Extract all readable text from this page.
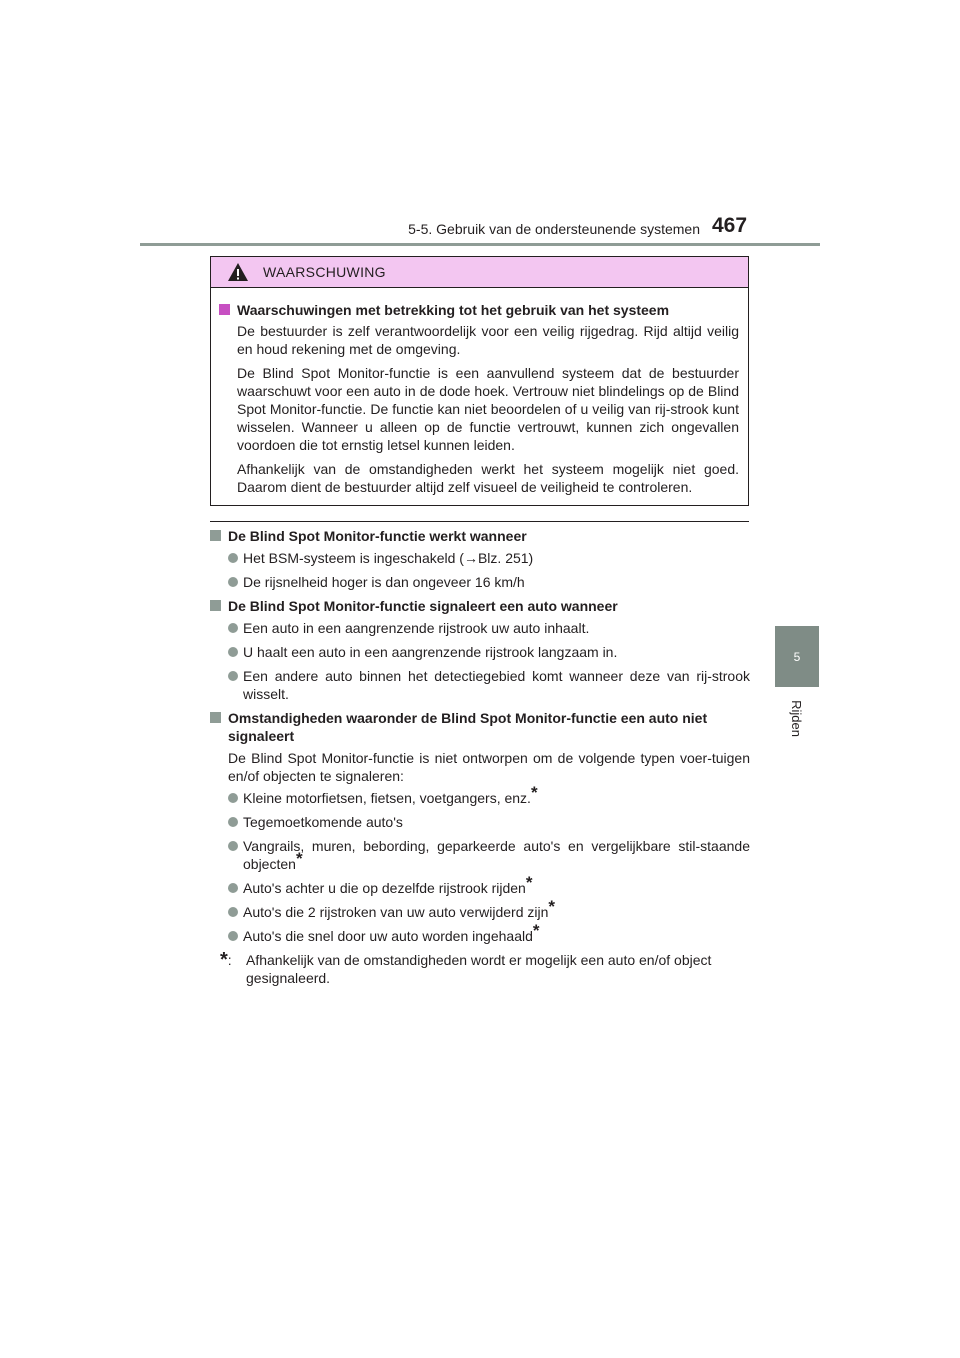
5-5. Gebruik van de ondersteunende systemen 467
5
Rijden
WAARSCHUWING
Waarschuwingen met betrekking tot het gebruik van het systeem

De bestuurder is zelf verantwoordelijk voor een veilig rijgedrag. Rijd altijd veilig en houd rekening met de omgeving.

De Blind Spot Monitor-functie is een aanvullend systeem dat de bestuurder waarschuwt voor een auto in de dode hoek. Vertrouw niet blindelings op de Blind Spot Monitor-functie. De functie kan niet beoordelen of u veilig van rij-strook kunt wisselen. Wanneer u alleen op de functie vertrouwt, kunnen zich ongevallen voordoen die tot ernstig letsel kunnen leiden.

Afhankelijk van de omstandigheden werkt het systeem mogelijk niet goed. Daarom dient de bestuurder altijd zelf visueel de veiligheid te controleren.

De Blind Spot Monitor-functie werkt wanneer
Het BSM-systeem is ingeschakeld (→Blz. 251)
De rijsnelheid hoger is dan ongeveer 16 km/h
De Blind Spot Monitor-functie signaleert een auto wanneer
Een auto in een aangrenzende rijstrook uw auto inhaalt.
U haalt een auto in een aangrenzende rijstrook langzaam in.
Een andere auto binnen het detectiegebied komt wanneer deze van rij-strook wisselt.
Omstandigheden waaronder de Blind Spot Monitor-functie een auto niet signaleert

De Blind Spot Monitor-functie is niet ontworpen om de volgende typen voer-tuigen en/of objecten te signaleren:

Kleine motorfietsen, fietsen, voetgangers, enz.*
Tegemoetkomende auto's
Vangrails, muren, bebording, geparkeerde auto's en vergelijkbare stil-staande objecten*
Auto's achter u die op dezelfde rijstrook rijden*
Auto's die 2 rijstroken van uw auto verwijderd zijn*
Auto's die snel door uw auto worden ingehaald*
*:	Afhankelijk van de omstandigheden wordt er mogelijk een auto en/of object gesignaleerd.
